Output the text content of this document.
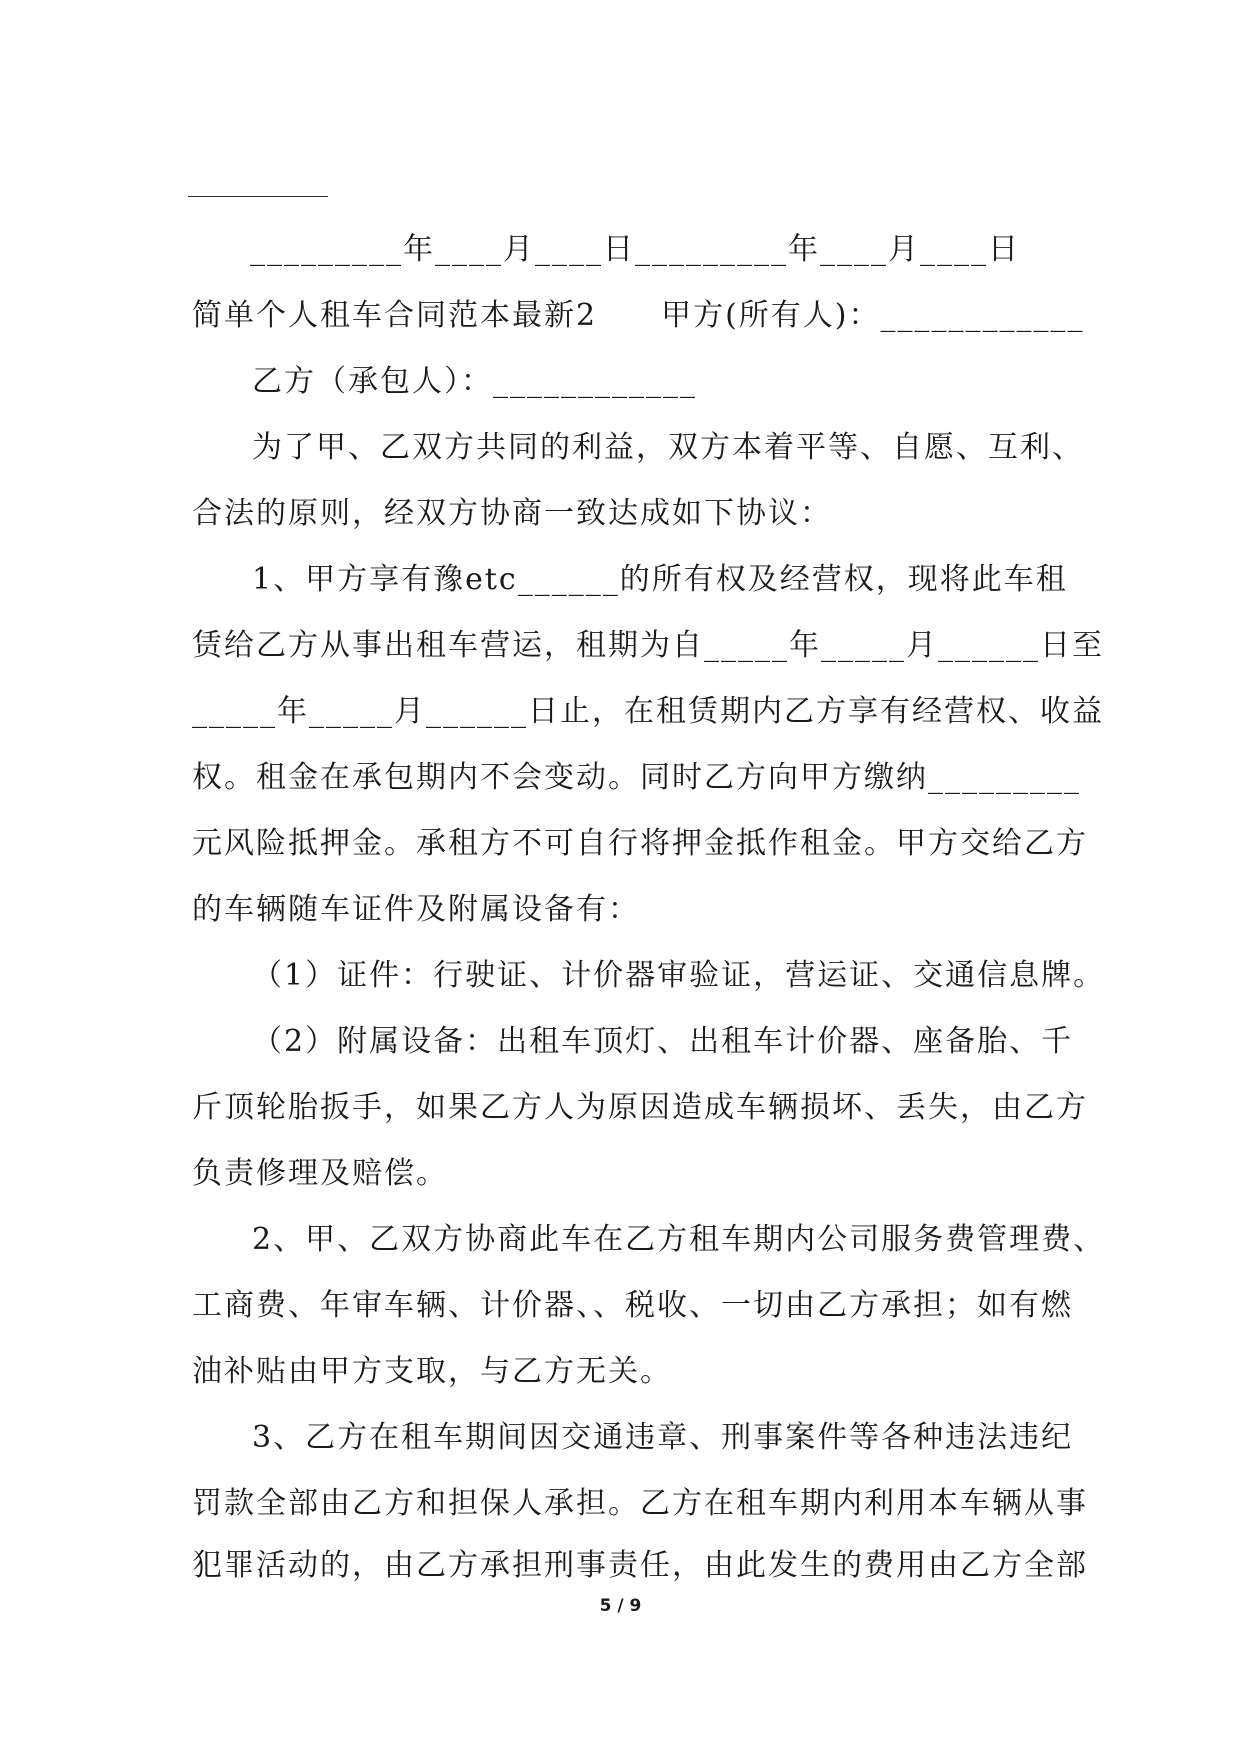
_________年____月____日_________年____月____日
简单个人租车合同范本最新2　　甲方(所有人)：____________
乙方（承包人）：____________
为了甲、乙双方共同的利益，双方本着平等、自愿、互利、
合法的原则，经双方协商一致达成如下协议：
1、甲方享有豫etc______的所有权及经营权，现将此车租
赁给乙方从事出租车营运，租期为自_____年_____月______日至
_____年_____月______日止，在租赁期内乙方享有经营权、收益
权。租金在承包期内不会变动。同时乙方向甲方缴纳_________
元风险抵押金。承租方不可自行将押金抵作租金。甲方交给乙方
的车辆随车证件及附属设备有：
（1）证件：行驶证、计价器审验证，营运证、交通信息牌。
（2）附属设备：出租车顶灯、出租车计价器、座备胎、千
斤顶轮胎扳手，如果乙方人为原因造成车辆损坏、丢失，由乙方
负责修理及赔偿。
2、甲、乙双方协商此车在乙方租车期内公司服务费管理费、
工商费、年审车辆、计价器、、税收、一切由乙方承担；如有燃
油补贴由甲方支取，与乙方无关。
3、乙方在租车期间因交通违章、刑事案件等各种违法违纪
罚款全部由乙方和担保人承担。乙方在租车期内利用本车辆从事
犯罪活动的，由乙方承担刑事责任，由此发生的费用由乙方全部
5 / 9
